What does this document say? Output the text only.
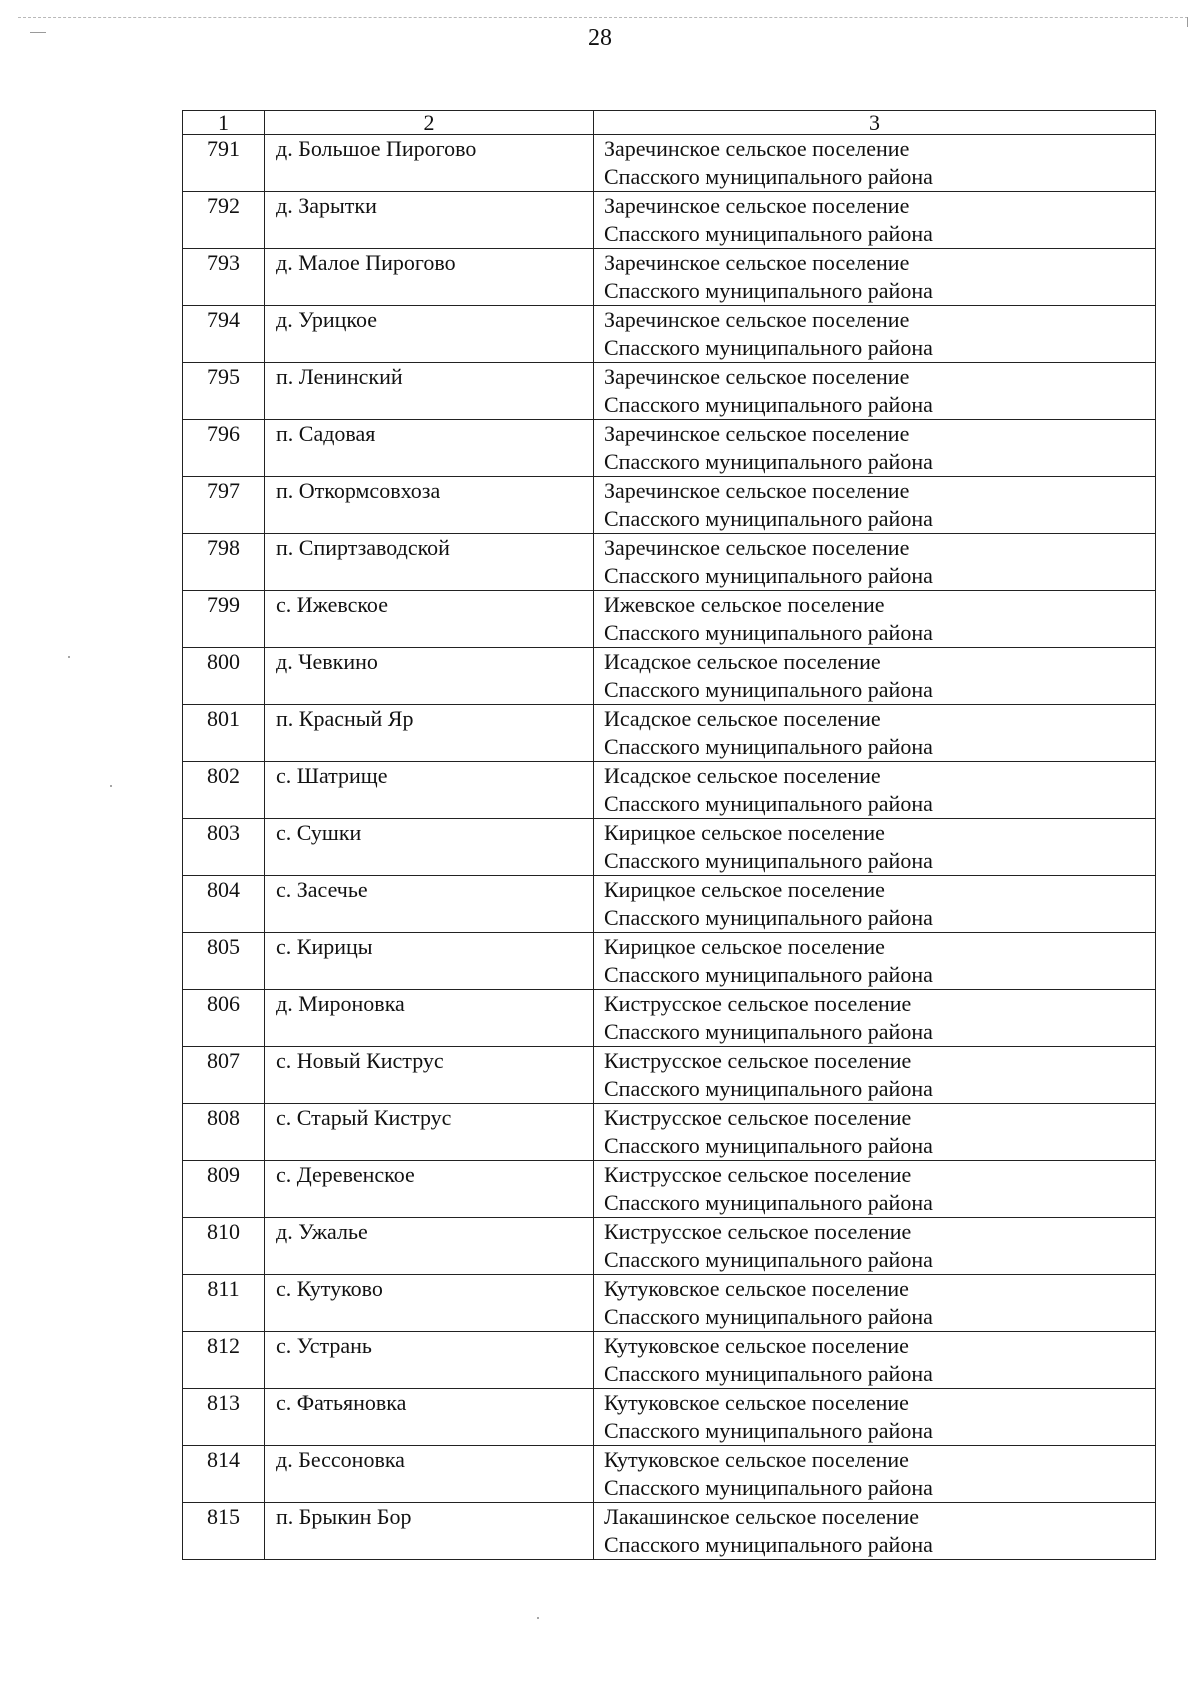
28
1	2	3
791	д. Большое Пирогово	Заречинское сельское поселение
Спасского муниципального района

792	д. Зарытки	Заречинское сельское поселение
Спасского муниципального района

793	д. Малое Пирогово	Заречинское сельское поселение
Спасского муниципального района

794	д. Урицкое	Заречинское сельское поселение
Спасского муниципального района

795	п. Ленинский	Заречинское сельское поселение
Спасского муниципального района

796	п. Садовая	Заречинское сельское поселение
Спасского муниципального района

797	п. Откормсовхоза	Заречинское сельское поселение
Спасского муниципального района

798	п. Спиртзаводской	Заречинское сельское поселение
Спасского муниципального района

799	с. Ижевское	Ижевское сельское поселение
Спасского муниципального района

800	д. Чевкино	Исадское сельское поселение
Спасского муниципального района

801	п. Красный Яр	Исадское сельское поселение
Спасского муниципального района

802	с. Шатрище	Исадское сельское поселение
Спасского муниципального района

803	с. Сушки	Кирицкое сельское поселение
Спасского муниципального района

804	с. Засечье	Кирицкое сельское поселение
Спасского муниципального района

805	с. Кирицы	Кирицкое сельское поселение
Спасского муниципального района

806	д. Мироновка	Киструсское сельское поселение
Спасского муниципального района

807	с. Новый Киструс	Киструсское сельское поселение
Спасского муниципального района

808	с. Старый Киструс	Киструсское сельское поселение
Спасского муниципального района

809	с. Деревенское	Киструсское сельское поселение
Спасского муниципального района

810	д. Ужалье	Киструсское сельское поселение
Спасского муниципального района

811	с. Кутуково	Кутуковское сельское поселение
Спасского муниципального района

812	с. Устрань	Кутуковское сельское поселение
Спасского муниципального района

813	с. Фатьяновка	Кутуковское сельское поселение
Спасского муниципального района

814	д. Бессоновка	Кутуковское сельское поселение
Спасского муниципального района

815	п. Брыкин Бор	Лакашинское сельское поселение
Спасского муниципального района
